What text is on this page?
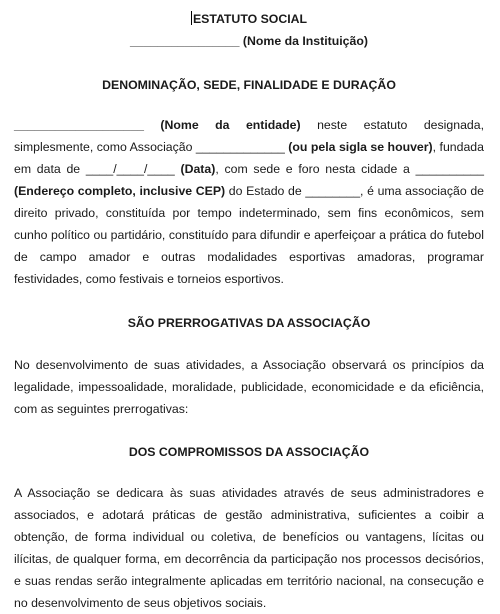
ESTATUTO SOCIAL
________________ (Nome da Instituição)
DENOMINAÇÃO, SEDE, FINALIDADE E DURAÇÃO

___________________ (Nome da entidade) neste estatuto designada, simplesmente, como Associação _____________ (ou pela sigla se houver), fundada em data de ____/____/____ (Data), com sede e foro nesta cidade a __________ (Endereço completo, inclusive CEP) do Estado de ________, é uma associação de direito privado, constituída por tempo indeterminado, sem fins econômicos, sem cunho político ou partidário, constituído para difundir e aperfeiçoar a prática do futebol de campo amador e outras modalidades esportivas amadoras, programar festividades, como festivais e torneios esportivos.

SÃO PRERROGATIVAS DA ASSOCIAÇÃO

No desenvolvimento de suas atividades, a Associação observará os princípios da legalidade, impessoalidade, moralidade, publicidade, economicidade e da eficiência, com as seguintes prerrogativas:

DOS COMPROMISSOS DA ASSOCIAÇÃO

A Associação se dedicara às suas atividades através de seus administradores e associados, e adotará práticas de gestão administrativa, suficientes a coibir a obtenção, de forma individual ou coletiva, de benefícios ou vantagens, lícitas ou ilícitas, de qualquer forma, em decorrência da participação nos processos decisórios, e suas rendas serão integralmente aplicadas em território nacional, na consecução e no desenvolvimento de seus objetivos sociais.
